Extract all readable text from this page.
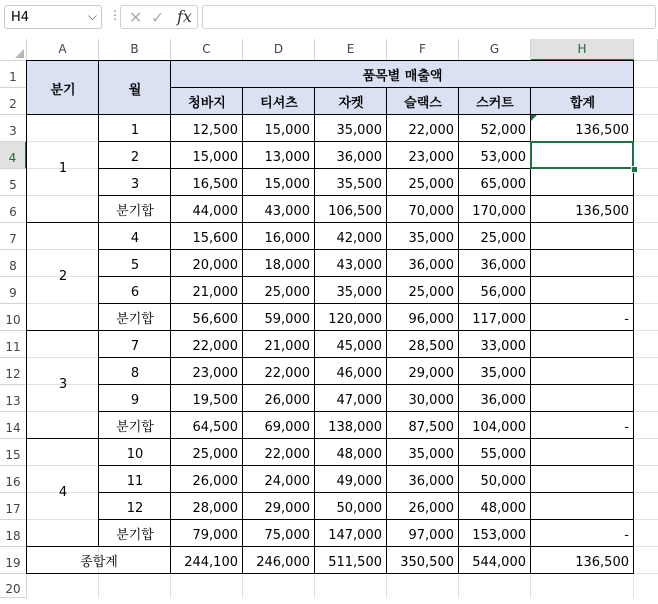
H4	⌵ ⋮ ✕ ✓ fx
A	B	C	D	E	F	G	H
1
2
3
4
5
6
7
8
9
10
11
12
13
14
15
16
17
18
19
20
분기	월
품목별 매출액
청바지	티셔츠	자켓	슬랙스	스커트	합계
1
1	12,500	15,000	35,000	22,000	52,000	136,500
2	15,000	13,000	36,000	23,000	53,000
3	16,500	15,000	35,500	25,000	65,000
분기합	44,000	43,000	106,500	70,000	170,000	136,500
2
4	15,600	16,000	42,000	35,000	25,000
5	20,000	18,000	43,000	36,000	36,000
6	21,000	25,000	35,000	25,000	56,000
분기합	56,600	59,000	120,000	96,000	117,000	-
3
7	22,000	21,000	45,000	28,500	33,000
8	23,000	22,000	46,000	29,000	35,000
9	19,500	26,000	47,000	30,000	36,000
분기합	64,500	69,000	138,000	87,500	104,000	-
4
10	25,000	22,000	48,000	35,000	55,000
11	26,000	24,000	49,000	36,000	50,000
12	28,000	29,000	50,000	26,000	48,000
분기합	79,000	75,000	147,000	97,000	153,000	-
종합계	244,100	246,000	511,500	350,500	544,000	136,500
